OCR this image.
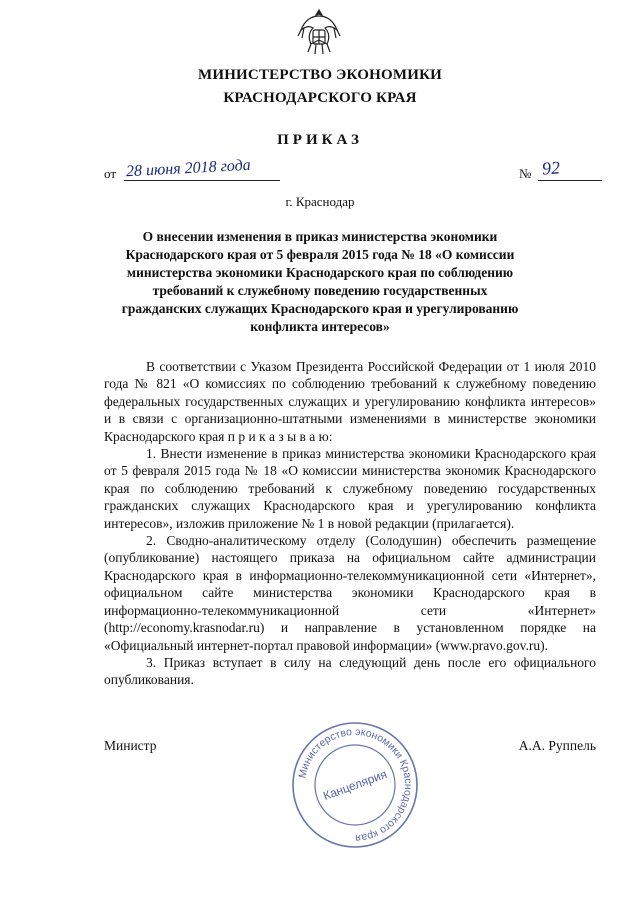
МИНИСТЕРСТВО ЭКОНОМИКИ
КРАСНОДАРСКОГО КРАЯ
ПРИКАЗ
от 28 июня 2018 года	№ 92
г. Краснодар
О внесении изменения в приказ министерства экономики Краснодарского края от 5 февраля 2015 года № 18 «О комиссии министерства экономики Краснодарского края по соблюдению требований к служебному поведению государственных гражданских служащих Краснодарского края и урегулированию конфликта интересов»

В соответствии с Указом Президента Российской Федерации от 1 июля 2010 года № 821 «О комиссиях по соблюдению требований к служебному поведению федеральных государственных служащих и урегулированию конфликта интересов» и в связи с организационно-штатными изменениями в министерстве экономики Краснодарского края п р и к а з ы в а ю:

1. Внести изменение в приказ министерства экономики Краснодарского края от 5 февраля 2015 года № 18 «О комиссии министерства экономик Краснодарского края по соблюдению требований к служебному поведению государственных гражданских служащих Краснодарского края и урегулированию конфликта интересов», изложив приложение № 1 в новой редакции (прилагается).

2. Сводно-аналитическому отделу (Солодушин) обеспечить размещение (опубликование) настоящего приказа на официальном сайте администрации Краснодарского края в информационно-телекоммуникационной сети «Интернет», официальном сайте министерства экономики Краснодарского края в информационно-телекоммуникационной сети «Интернет» (http://economy.krasnodar.ru) и направление в установленном порядке на «Официальный интернет-портал правовой информации» (www.pravo.gov.ru).

3. Приказ вступает в силу на следующий день после его официального опубликования.

Министр	А.А. Руппель
Министерство экономики Краснодарского края
Канцелярия
